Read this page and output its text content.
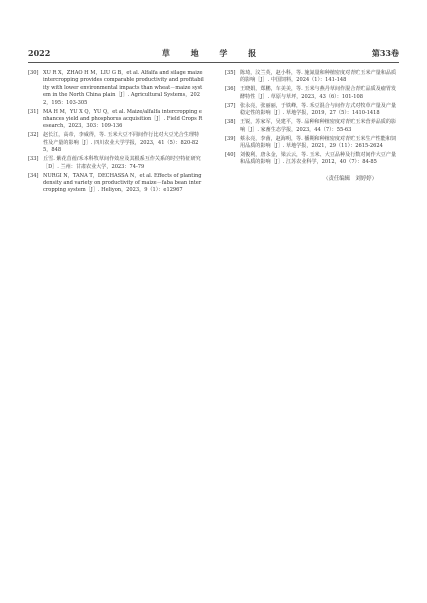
2022	草 地 学 报	第33卷
[30] XU R X，ZHAO H M，LIU G B，et al. Alfalfa and silage maize intercropping provides comparable productivity and profitability with lower environmental impacts than wheat－maize system in the North China plain［J］. Agricultural Systems，2022，195：103-305
[31] MA H M，YU X Q，YU Q，et al. Maize/alfalfa intercropping enhances yield and phosphorus acquisition［J］. Field Crops Research，2023，303：109-136
[32] 赵长江，高帝，李威得，等. 玉米大豆不同间作行比对大豆光合生理特性及产量的影响［J］. 四川农业大学学报，2023，41（5）：820-825，848
[33] 丘雪. 紫花苜蓿/禾本科牧草间作效应及其根系互作关系的时空特征研究［D］. 兰州：甘肃农业大学，2023：74-79
[34] NURGI N，TANA T，DECHASSA N，et al. Effects of planting density and variety on productivity of maize－faba bean intercropping system［J］. Heliyon，2023，9（1）：e12967
[35] 陈琦，汶兰英，赵小科，等. 施氮量和种植密度对青贮玉米产量和品质的影响［J］. 中国饲料，2024（1）：141-148
[36] 王晓娟，郑鹏，车美美，等. 玉米与燕丹草间作混合青贮品质及瘤胃发酵特性［J］. 草原与草坪，2023，43（6）：101-108
[37] 张永亮，张丽丽，于铁峰，等. 禾豆混合与间作方式对牧草产量及产量稳定性的影响［J］. 草地学报，2019，27（5）：1410-1418
[38] 王锐，苏家军，吴建平，等. 品种和种植密度对青贮玉米营养品质的影响［J］. 家畜生态学报，2023，44（7）：55-63
[39] 蔡永亮，李菌，赵海明，等. 播期和种植密度对青贮玉米生产性能和饲用品质的影响［J］. 草地学报，2021，29（11）：2615-2624
[40] 刘俊利，唐永金，梁云云，等. 玉米、大豆品种及行数对间作大豆产量和品质的影响［J］. 江苏农业科学，2012，40（7）：84-85
（责任编辑　刘婷婷）
